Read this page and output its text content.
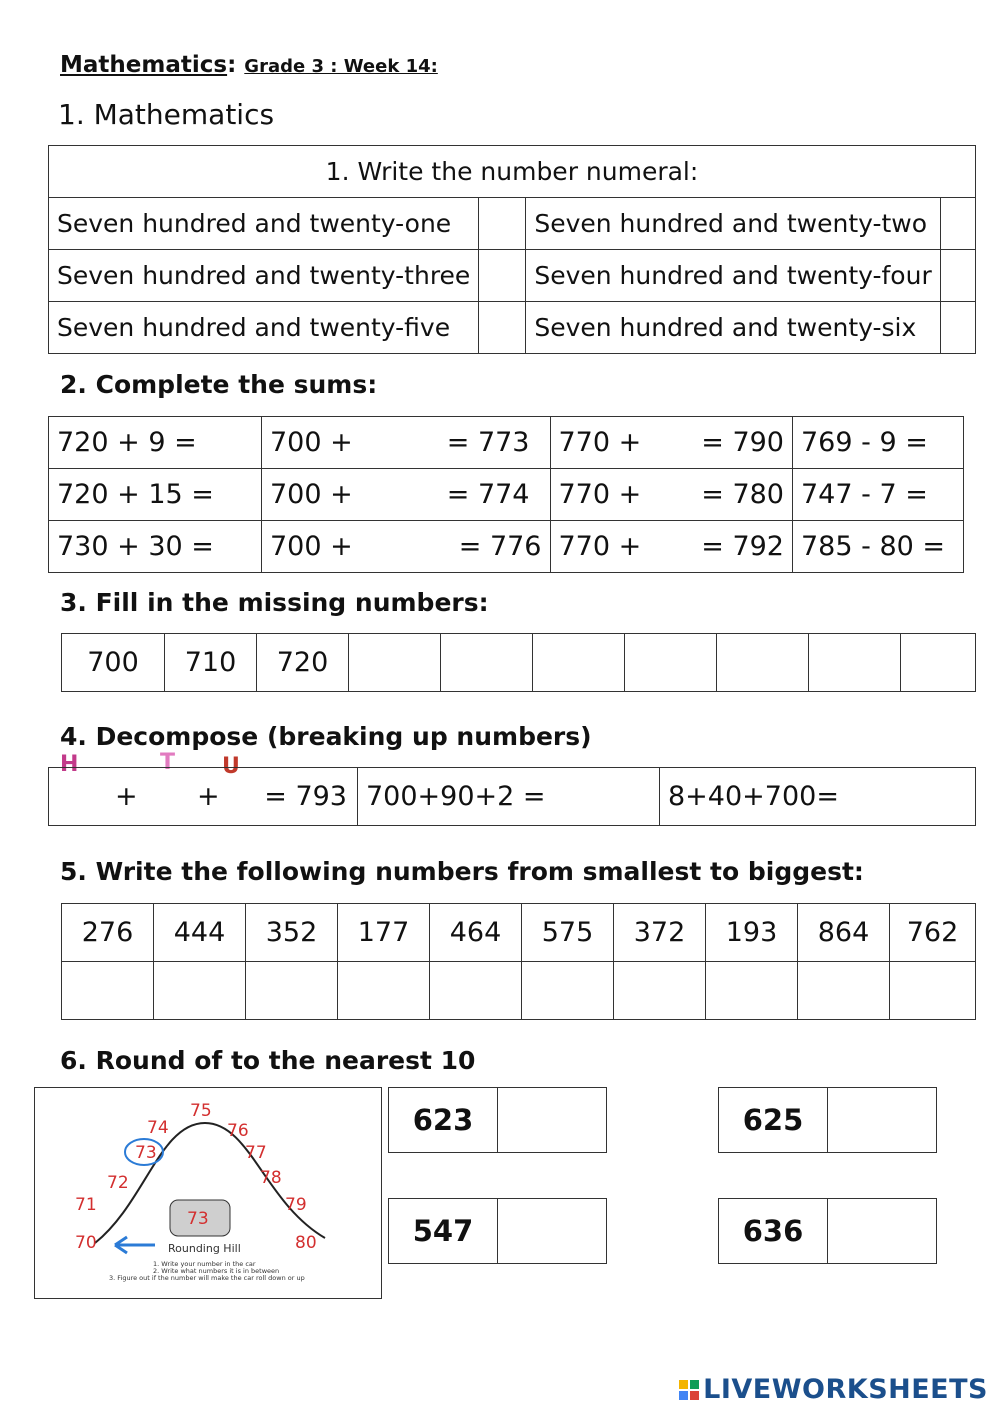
Mathematics: Grade 3 : Week 14:
1. Mathematics
1. Write the number numeral:			
Seven hundred and twenty-one		Seven hundred and twenty-two	
Seven hundred and twenty-three		Seven hundred and twenty-four	
Seven hundred and twenty-five		Seven hundred and twenty-six	
2. Complete the sums:
720 + 9 =	700 + = 773	770 + = 790	769 - 9 =
720 + 15 =	700 + = 774	770 + = 780	747 - 7 =
730 + 30 =	700 + = 776	770 + = 792	785 - 80 =
3. Fill in the missing numbers:
700	710	720							
4. Decompose (breaking up numbers)
H	T U
+ + = 793	700+90+2 =	8+40+700=
5. Write the following numbers from smallest to biggest:
276	444	352	177	464	575	372	193	864	762

6. Round of to the nearest 10
70
71
72
73
74
75
76
77
78
79
80
73
Rounding Hill
1. Write your number in the car
2. Write what numbers it is in between
3. Figure out if the number will make the car roll down or up
623	625
547	636
LIVEWORKSHEETS
